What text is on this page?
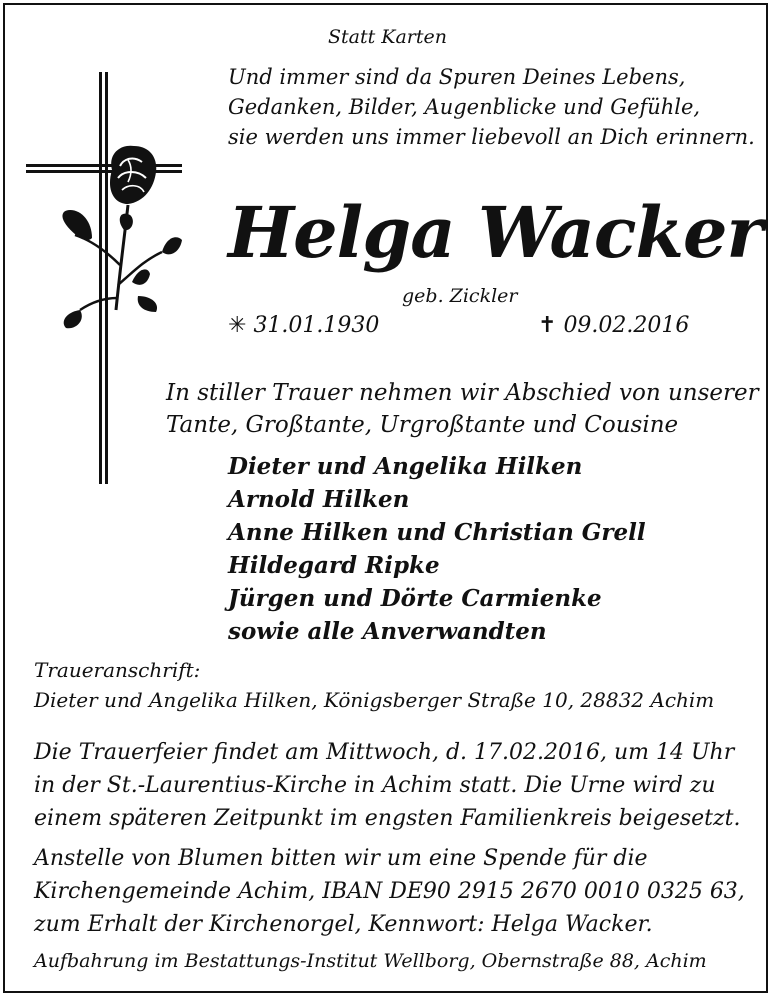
Statt Karten

Und immer sind da Spuren Deines Lebens,
Gedanken, Bilder, Augenblicke und Gefühle,
sie werden uns immer liebevoll an Dich erinnern.
Helga Wacker

geb. Zickler

✳ 31.01.1930	✝ 09.02.2016

In stiller Trauer nehmen wir Abschied von unserer
Tante, Großtante, Urgroßtante und Cousine
Dieter und Angelika Hilken
Arnold Hilken
Anne Hilken und Christian Grell
Hildegard Ripke
Jürgen und Dörte Carmienke
sowie alle Anverwandten
Traueranschrift:
Dieter und Angelika Hilken, Königsberger Straße 10, 28832 Achim
Die Trauerfeier findet am Mittwoch, d. 17.02.2016, um 14 Uhr
in der St.-Laurentius-Kirche in Achim statt. Die Urne wird zu
einem späteren Zeitpunkt im engsten Familienkreis beigesetzt.
Anstelle von Blumen bitten wir um eine Spende für die
Kirchengemeinde Achim, IBAN DE90 2915 2670 0010 0325 63,
zum Erhalt der Kirchenorgel, Kennwort: Helga Wacker.

Aufbahrung im Bestattungs-Institut Wellborg, Obernstraße 88, Achim
